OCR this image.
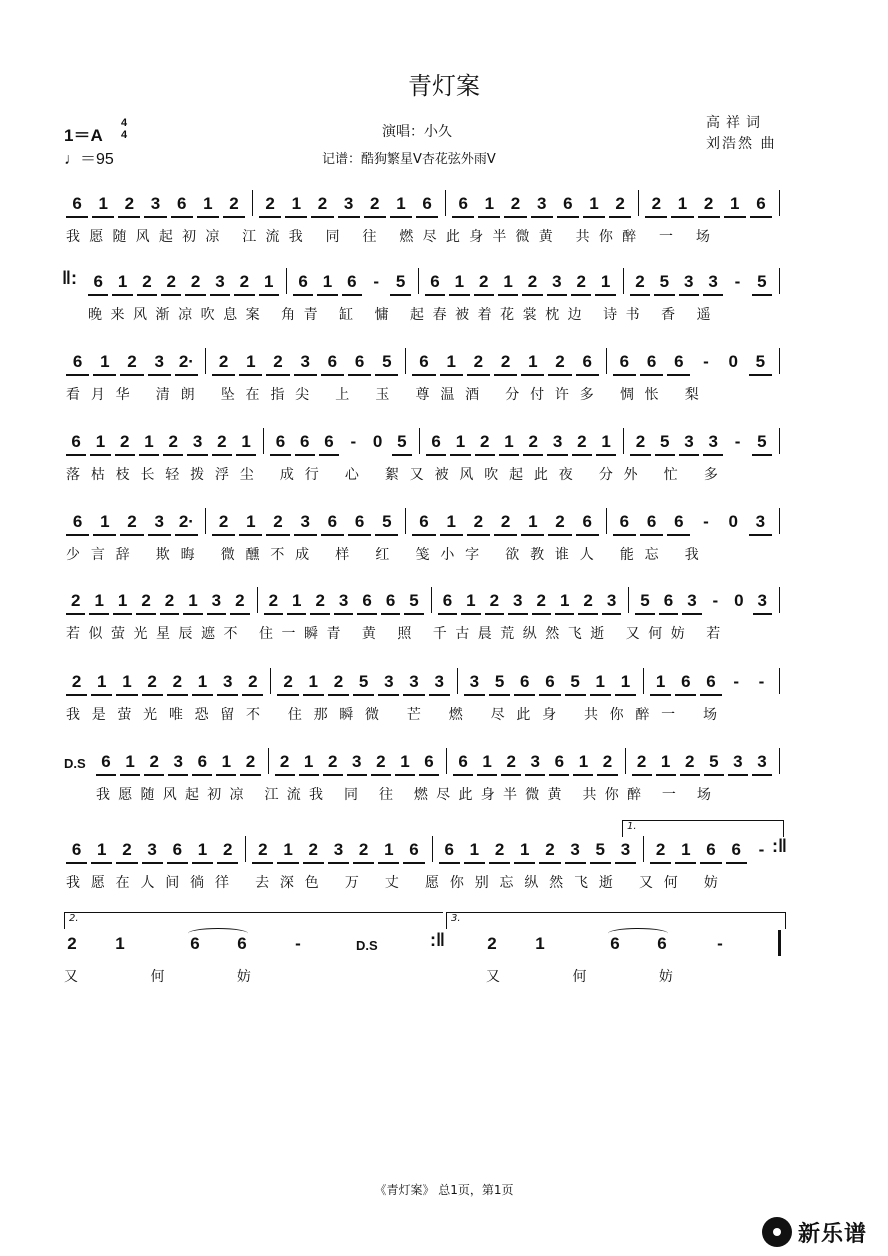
青灯案
1＝A
4
4
♩＝95
演唱：小久
记谱：酷狗繁星V杏花弦外雨V
高祥词
刘浩然 曲
6 1 2 3 6 1 2 2 1 2 3 2 1 6 6 1 2 3 6 1 2 2 1 2 1 6
我愿随风起初凉 江流我 同 往 燃尽此身半微黄 共你醉 一 场
‖: 6 1 2 2 2 3 2 1 6 1 6 - 5 6 1 2 1 2 3 2 1 2 5 3 3 - 5
晚来风渐凉吹息案 角青 缸 慵 起春被着花裳枕边 诗书 香 遥
6 1 2 3 2· 2 1 2 3 6 6 5 6 1 2 2 1 2 6 6 6 6	-	0 5
看月华 清朗 坠在指尖 上 玉 尊温酒 分付许多 惆怅 梨
6 1 2 1 2 3 2 1 6 6 6 - 0 5 6 1 2 1 2 3 2 1 2 5 3 3 - 5
落枯枝长轻拨浮尘 成行 心 絮又被风吹起此夜 分外 忙 多
6 1 2 3 2· 2 1 2 3 6 6 5 6 1 2 2 1 2 6 6 6 6	-	0 3
少言辞 欺晦 微醺不成 样 红 笺小字 欲教谁人 能忘 我
2 1 1 2 2 1 3 2 2 1 2 3 6 6 5 6 1 2 3 2 1 2 3 5 6 3 - 0 3
若似萤光星辰遮不 住一瞬青 黄 照 千古晨荒纵然飞逝 又何妨 若
2 1 1 2 2 1 3 2 2 1 2 5 3 3 3 3 5 6 6 5 1 1 1 6 6	-	-
我是萤光唯恐留不 住那瞬微 芒 燃 尽此身 共你醉一 场
D.S 6 1 2 3 6 1 2 2 1 2 3 2 1 6 6 1 2 3 6 1 2 2 1 2 5 3 3
我愿随风起初凉 江流我 同 往 燃尽此身半微黄 共你醉 一 场
6 1 2 3 6 1 2 2 1 2 3 2 1 6 6 1 2 1 2 3 5 3 2 1 6 6	- :‖
我愿在人间徜徉 去深色 万 丈 愿你别忘纵然飞逝 又何 妨
1.
D.S	:‖
2 1	6 6	-	2 1	6 6	-
又 何 妨	又 何 妨
2.	3.
《青灯案》 总1页，第1页
新乐谱
